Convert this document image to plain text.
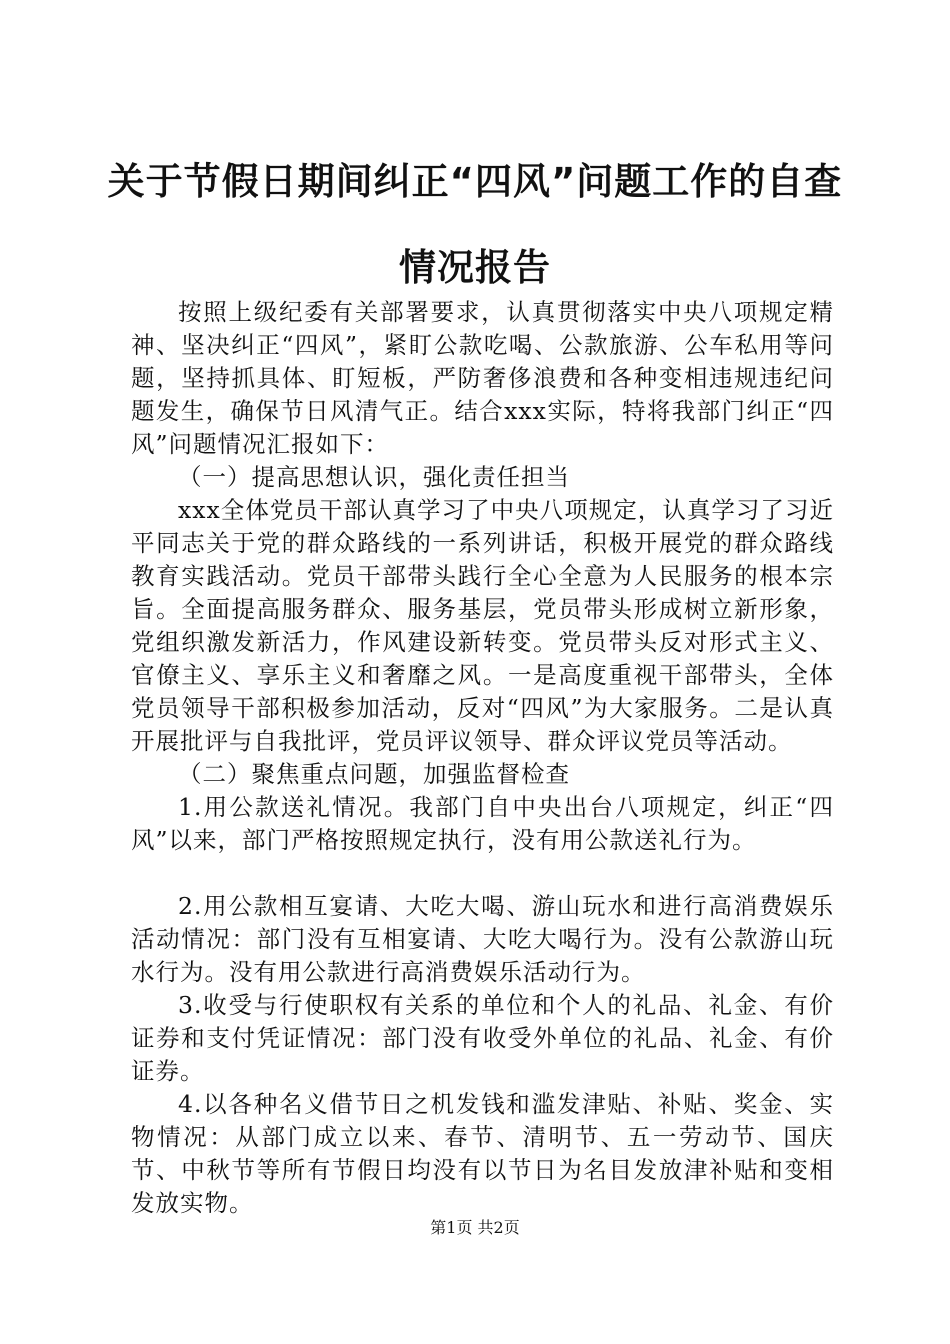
关于节假日期间纠正“四风”问题工作的自查
情况报告

按照上级纪委有关部署要求，认真贯彻落实中央八项规定精神、坚决纠正“四风”，紧盯公款吃喝、公款旅游、公车私用等问题，坚持抓具体、盯短板，严防奢侈浪费和各种变相违规违纪问题发生，确保节日风清气正。结合xxx实际，特将我部门纠正“四风”问题情况汇报如下：

（一）提高思想认识，强化责任担当

xxx全体党员干部认真学习了中央八项规定，认真学习了习近平同志关于党的群众路线的一系列讲话，积极开展党的群众路线教育实践活动。党员干部带头践行全心全意为人民服务的根本宗旨。全面提高服务群众、服务基层，党员带头形成树立新形象，党组织激发新活力，作风建设新转变。党员带头反对形式主义、官僚主义、享乐主义和奢靡之风。一是高度重视干部带头，全体党员领导干部积极参加活动，反对“四风”为大家服务。二是认真开展批评与自我批评，党员评议领导、群众评议党员等活动。

（二）聚焦重点问题，加强监督检查

1.用公款送礼情况。我部门自中央出台八项规定，纠正“四风”以来，部门严格按照规定执行，没有用公款送礼行为。

2.用公款相互宴请、大吃大喝、游山玩水和进行高消费娱乐活动情况：部门没有互相宴请、大吃大喝行为。没有公款游山玩水行为。没有用公款进行高消费娱乐活动行为。

3.收受与行使职权有关系的单位和个人的礼品、礼金、有价证券和支付凭证情况：部门没有收受外单位的礼品、礼金、有价证券。

4.以各种名义借节日之机发钱和滥发津贴、补贴、奖金、实物情况：从部门成立以来、春节、清明节、五一劳动节、国庆节、中秋节等所有节假日均没有以节日为名目发放津补贴和变相发放实物。

第1页 共2页
